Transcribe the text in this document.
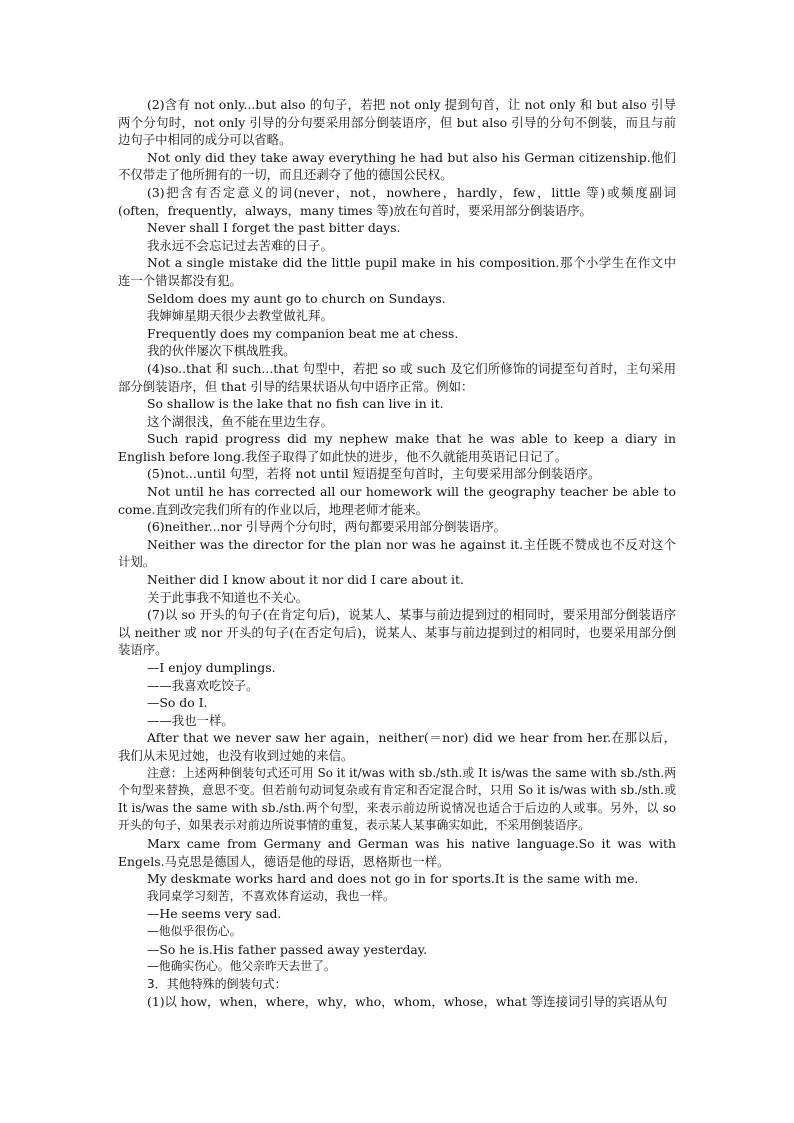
(2)含有 not only...but also 的句子，若把 not only 提到句首，让 not only 和 but also 引导两个分句时，not only 引导的分句要采用部分倒装语序，但 but also 引导的分句不倒装，而且与前边句子中相同的成分可以省略。

Not only did they take away everything he had but also his German citizenship.他们不仅带走了他所拥有的一切，而且还剥夺了他的德国公民权。

(3)把含有否定意义的词(never，not，nowhere，hardly，few，little 等)或频度副词(often，frequently，always，many times 等)放在句首时，要采用部分倒装语序。

Never shall I forget the past bitter days.

我永远不会忘记过去苦难的日子。

Not a single mistake did the little pupil make in his composition.那个小学生在作文中连一个错误都没有犯。

Seldom does my aunt go to church on Sundays.

我婶婶星期天很少去教堂做礼拜。

Frequently does my companion beat me at chess.

我的伙伴屡次下棋战胜我。

(4)so..that 和 such...that 句型中，若把 so 或 such 及它们所修饰的词提至句首时，主句采用部分倒装语序，但 that 引导的结果状语从句中语序正常。例如：

So shallow is the lake that no fish can live in it.

这个湖很浅，鱼不能在里边生存。

Such rapid progress did my nephew make that he was able to keep a diary in English before long.我侄子取得了如此快的进步，他不久就能用英语记日记了。

(5)not...until 句型，若将 not until 短语提至句首时，主句要采用部分倒装语序。

Not until he has corrected all our homework will the geography teacher be able to come.直到改完我们所有的作业以后，地理老师才能来。

(6)neither...nor 引导两个分句时，两句都要采用部分倒装语序。

Neither was the director for the plan nor was he against it.主任既不赞成也不反对这个计划。

Neither did I know about it nor did I care about it.

关于此事我不知道也不关心。

(7)以 so 开头的句子(在肯定句后)，说某人、某事与前边提到过的相同时，要采用部分倒装语序 以 neither 或 nor 开头的句子(在否定句后)，说某人、某事与前边提到过的相同时，也要采用部分倒装语序。

—I enjoy dumplings.

——我喜欢吃饺子。

—So do I.

——我也一样。

After that we never saw her again，neither(＝nor) did we hear from her.在那以后，我们从未见过她，也没有收到过她的来信。

注意：上述两种倒装句式还可用 So it it/was with sb./sth.或 It is/was the same with sb./sth.两个句型来替换，意思不变。但若前句动词复杂或有肯定和否定混合时，只用 So it is/was with sb./sth.或 It is/was the same with sb./sth.两个句型，来表示前边所说情况也适合于后边的人或事。另外，以 so 开头的句子，如果表示对前边所说事情的重复，表示某人某事确实如此，不采用倒装语序。

Marx came from Germany and German was his native language.So it was with Engels.马克思是德国人，德语是他的母语，恩格斯也一样。

My deskmate works hard and does not go in for sports.It is the same with me.

我同桌学习刻苦，不喜欢体育运动，我也一样。

—He seems very sad.

—他似乎很伤心。

—So he is.His father passed away yesterday.

—他确实伤心。他父亲昨天去世了。

3．其他特殊的倒装句式：

(1)以 how，when，where，why，who，whom，whose，what 等连接词引导的宾语从句
